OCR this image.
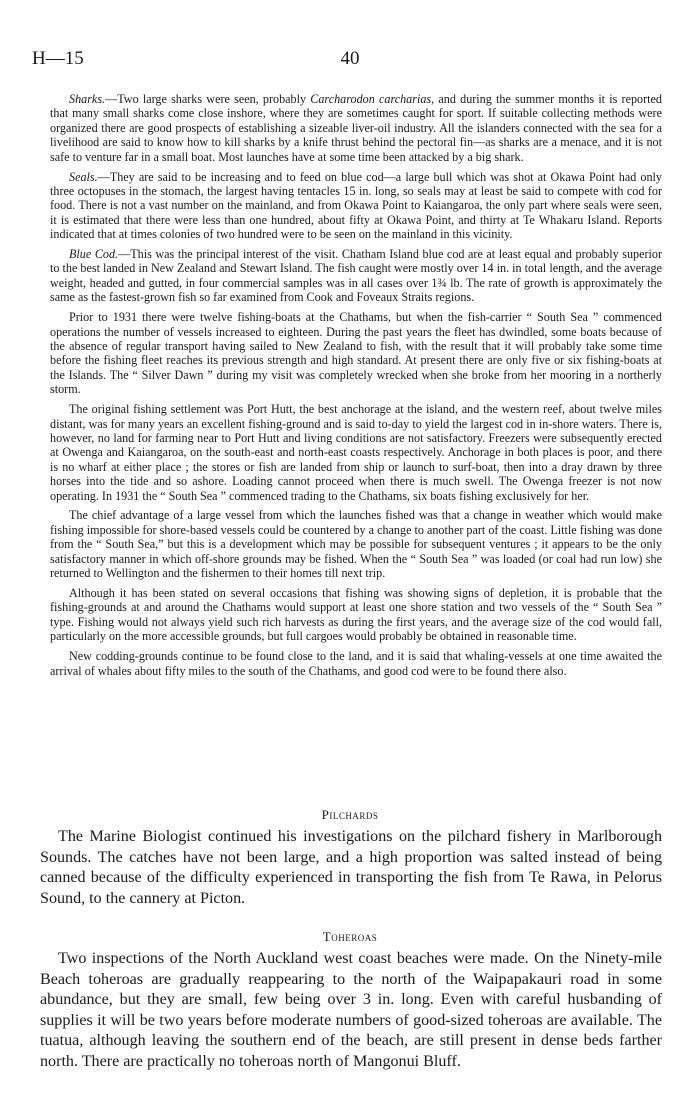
H—15	40

Sharks.—Two large sharks were seen, probably Carcharodon carcharias, and during the summer months it is reported that many small sharks come close inshore, where they are sometimes caught for sport. If suitable collecting methods were organized there are good prospects of establishing a sizeable liver-oil industry. All the islanders connected with the sea for a livelihood are said to know how to kill sharks by a knife thrust behind the pectoral fin—as sharks are a menace, and it is not safe to venture far in a small boat. Most launches have at some time been attacked by a big shark.

Seals.—They are said to be increasing and to feed on blue cod—a large bull which was shot at Okawa Point had only three octopuses in the stomach, the largest having tentacles 15 in. long, so seals may at least be said to compete with cod for food. There is not a vast number on the mainland, and from Okawa Point to Kaiangaroa, the only part where seals were seen, it is estimated that there were less than one hundred, about fifty at Okawa Point, and thirty at Te Whakaru Island. Reports indicated that at times colonies of two hundred were to be seen on the mainland in this vicinity.

Blue Cod.—This was the principal interest of the visit. Chatham Island blue cod are at least equal and probably superior to the best landed in New Zealand and Stewart Island. The fish caught were mostly over 14 in. in total length, and the average weight, headed and gutted, in four commercial samples was in all cases over 1¾ lb. The rate of growth is approximately the same as the fastest-grown fish so far examined from Cook and Foveaux Straits regions.

Prior to 1931 there were twelve fishing-boats at the Chathams, but when the fish-carrier “ South Sea ” commenced operations the number of vessels increased to eighteen. During the past years the fleet has dwindled, some boats because of the absence of regular transport having sailed to New Zealand to fish, with the result that it will probably take some time before the fishing fleet reaches its previous strength and high standard. At present there are only five or six fishing-boats at the Islands. The “ Silver Dawn ” during my visit was completely wrecked when she broke from her mooring in a northerly storm.

The original fishing settlement was Port Hutt, the best anchorage at the island, and the western reef, about twelve miles distant, was for many years an excellent fishing-ground and is said to-day to yield the largest cod in in-shore waters. There is, however, no land for farming near to Port Hutt and living conditions are not satisfactory. Freezers were subsequently erected at Owenga and Kaiangaroa, on the south-east and north-east coasts respectively. Anchorage in both places is poor, and there is no wharf at either place ; the stores or fish are landed from ship or launch to surf-boat, then into a dray drawn by three horses into the tide and so ashore. Loading cannot proceed when there is much swell. The Owenga freezer is not now operating. In 1931 the “ South Sea ” commenced trading to the Chathams, six boats fishing exclusively for her.

The chief advantage of a large vessel from which the launches fished was that a change in weather which would make fishing impossible for shore-based vessels could be countered by a change to another part of the coast. Little fishing was done from the “ South Sea,” but this is a development which may be possible for subsequent ventures ; it appears to be the only satisfactory manner in which off-shore grounds may be fished. When the “ South Sea ” was loaded (or coal had run low) she returned to Wellington and the fishermen to their homes till next trip.

Although it has been stated on several occasions that fishing was showing signs of depletion, it is probable that the fishing-grounds at and around the Chathams would support at least one shore station and two vessels of the “ South Sea ” type. Fishing would not always yield such rich harvests as during the first years, and the average size of the cod would fall, particularly on the more accessible grounds, but full cargoes would probably be obtained in reasonable time.

New codding-grounds continue to be found close to the land, and it is said that whaling-vessels at one time awaited the arrival of whales about fifty miles to the south of the Chathams, and good cod were to be found there also.

Pilchards

The Marine Biologist continued his investigations on the pilchard fishery in Marlborough Sounds. The catches have not been large, and a high proportion was salted instead of being canned because of the difficulty experienced in transporting the fish from Te Rawa, in Pelorus Sound, to the cannery at Picton.

Toheroas

Two inspections of the North Auckland west coast beaches were made. On the Ninety-mile Beach toheroas are gradually reappearing to the north of the Waipapakauri road in some abundance, but they are small, few being over 3 in. long. Even with careful husbanding of supplies it will be two years before moderate numbers of good-sized toheroas are available. The tuatua, although leaving the southern end of the beach, are still present in dense beds farther north. There are practically no toheroas north of Mangonui Bluff.
